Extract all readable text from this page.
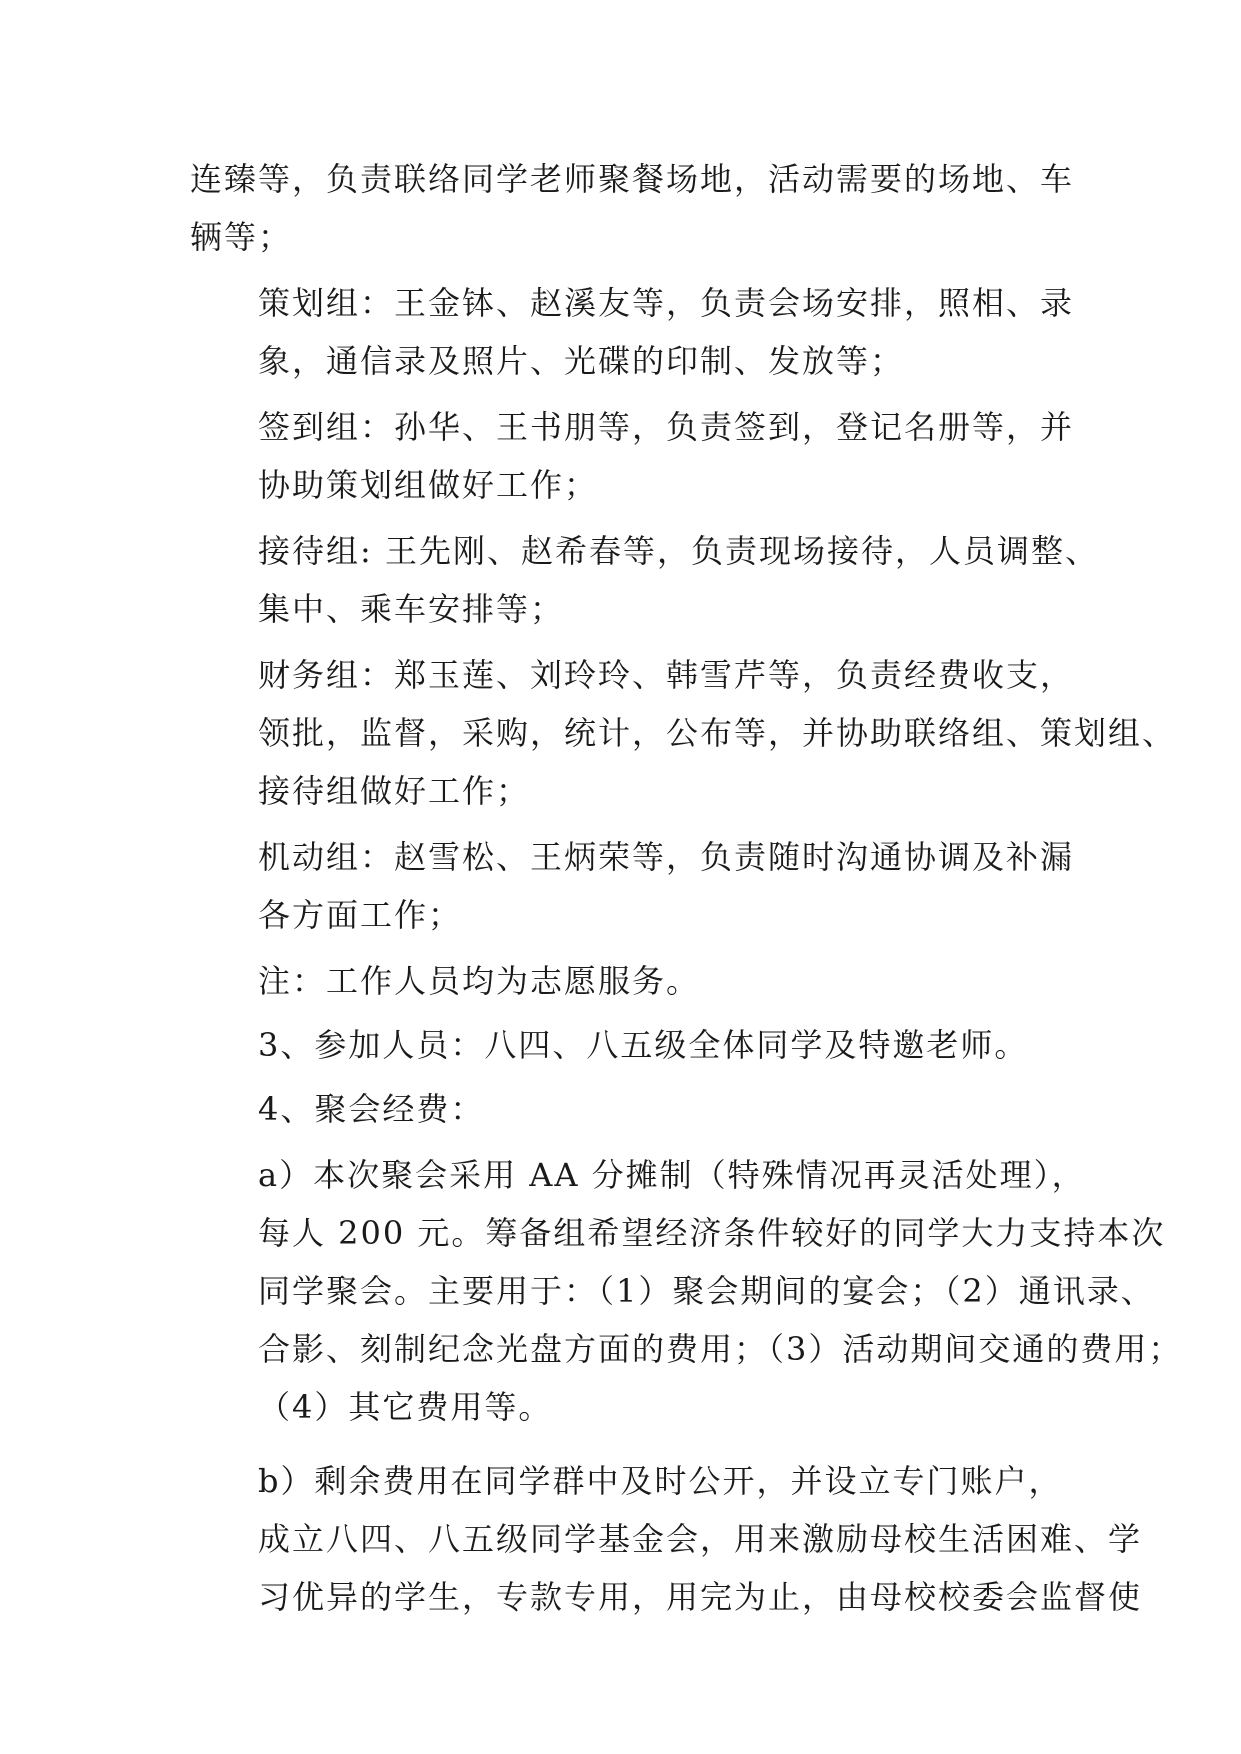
连臻等，负责联络同学老师聚餐场地，活动需要的场地、车
辆等；

策划组：王金钵、赵溪友等，负责会场安排，照相、录
象，通信录及照片、光碟的印制、发放等；

签到组：孙华、王书朋等，负责签到，登记名册等，并
协助策划组做好工作；

接待组: 王先刚、赵希春等，负责现场接待，人员调整、
集中、乘车安排等；

财务组：郑玉莲、刘玲玲、韩雪芹等，负责经费收支，
领批，监督，采购，统计，公布等，并协助联络组、策划组、
接待组做好工作；

机动组：赵雪松、王炳荣等，负责随时沟通协调及补漏
各方面工作；

注：工作人员均为志愿服务。

3、参加人员：八四、八五级全体同学及特邀老师。

4、聚会经费：

a）本次聚会采用 AA 分摊制（特殊情况再灵活处理），
每人 200 元。筹备组希望经济条件较好的同学大力支持本次
同学聚会。主要用于：（1）聚会期间的宴会；（2）通讯录、
合影、刻制纪念光盘方面的费用；（3）活动期间交通的费用；
（4）其它费用等。

b）剩余费用在同学群中及时公开，并设立专门账户，
成立八四、八五级同学基金会，用来激励母校生活困难、学
习优异的学生，专款专用，用完为止，由母校校委会监督使
